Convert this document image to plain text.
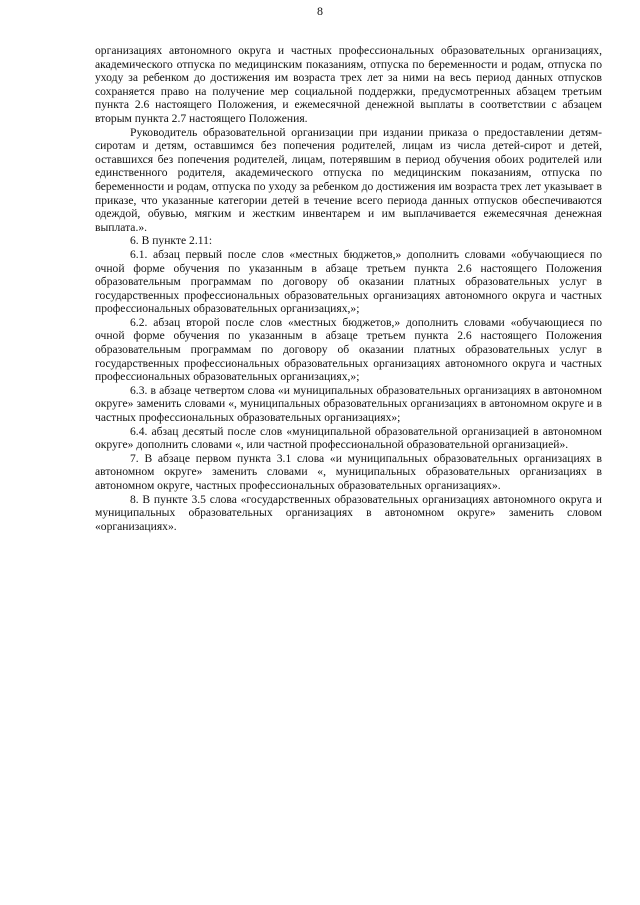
8

организациях автономного округа и частных профессиональных образовательных организациях, академического отпуска по медицинским показаниям, отпуска по беременности и родам, отпуска по уходу за ребенком до достижения им возраста трех лет за ними на весь период данных отпусков сохраняется право на получение мер социальной поддержки, предусмотренных абзацем третьим пункта 2.6 настоящего Положения, и ежемесячной денежной выплаты в соответствии с абзацем вторым пункта 2.7 настоящего Положения.

Руководитель образовательной организации при издании приказа о предоставлении детям-сиротам и детям, оставшимся без попечения родителей, лицам из числа детей-сирот и детей, оставшихся без попечения родителей, лицам, потерявшим в период обучения обоих родителей или единственного родителя, академического отпуска по медицинским показаниям, отпуска по беременности и родам, отпуска по уходу за ребенком до достижения им возраста трех лет указывает в приказе, что указанные категории детей в течение всего периода данных отпусков обеспечиваются одеждой, обувью, мягким и жестким инвентарем и им выплачивается ежемесячная денежная выплата.».

6. В пункте 2.11:

6.1. абзац первый после слов «местных бюджетов,» дополнить словами «обучающиеся по очной форме обучения по указанным в абзаце третьем пункта 2.6 настоящего Положения образовательным программам по договору об оказании платных образовательных услуг в государственных профессиональных образовательных организациях автономного округа и частных профессиональных образовательных организациях,»;

6.2. абзац второй после слов «местных бюджетов,» дополнить словами «обучающиеся по очной форме обучения по указанным в абзаце третьем пункта 2.6 настоящего Положения образовательным программам по договору об оказании платных образовательных услуг в государственных профессиональных образовательных организациях автономного округа и частных профессиональных образовательных организациях,»;

6.3. в абзаце четвертом слова «и муниципальных образовательных организациях в автономном округе» заменить словами «, муниципальных образовательных организациях в автономном округе и в частных профессиональных образовательных организациях»;

6.4. абзац десятый после слов «муниципальной образовательной организацией в автономном округе» дополнить словами «, или частной профессиональной образовательной организацией».

7. В абзаце первом пункта 3.1 слова «и муниципальных образовательных организациях в автономном округе» заменить словами «, муниципальных образовательных организациях в автономном округе, частных профессиональных образовательных организациях».

8. В пункте 3.5 слова «государственных образовательных организациях автономного округа и муниципальных образовательных организациях в автономном округе» заменить словом «организациях».
